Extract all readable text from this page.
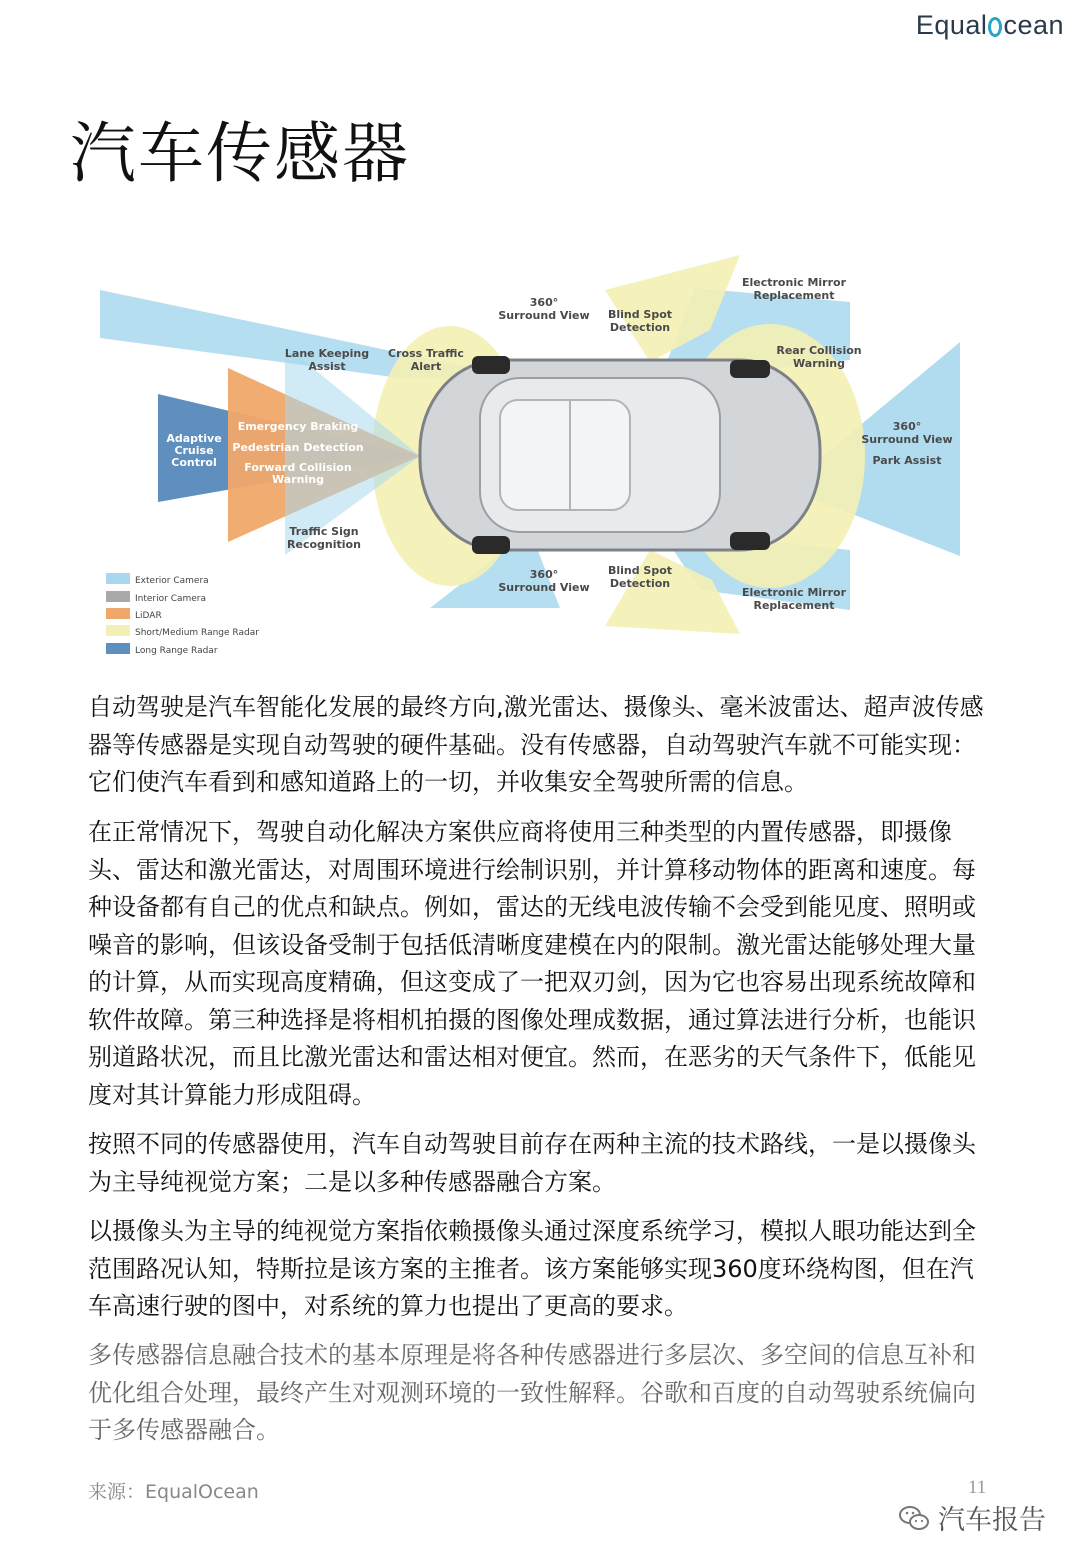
Equal cean
汽车传感器
360° Surround View Blind Spot Detection
Electronic Mirror Replacement
Lane Keeping Assist
Cross Traffic Alert
Rear Collision Warning
360° Surround View
Park Assist
Traffic Sign Recognition
360° Surround View
Blind Spot Detection
Electronic Mirror Replacement
Adaptive Cruise Control
Emergency Braking
Pedestrian Detection
Forward Collision Warning
Exterior Camera
Interior Camera
LiDAR
Short/Medium Range Radar
Long Range Radar

自动驾驶是汽车智能化发展的最终方向,激光雷达、摄像头、毫米波雷达、超声波传感器等传感器是实现自动驾驶的硬件基础。没有传感器，自动驾驶汽车就不可能实现：它们使汽车看到和感知道路上的一切，并收集安全驾驶所需的信息。

在正常情况下，驾驶自动化解决方案供应商将使用三种类型的内置传感器，即摄像头、雷达和激光雷达，对周围环境进行绘制识别，并计算移动物体的距离和速度。每种设备都有自己的优点和缺点。例如，雷达的无线电波传输不会受到能见度、照明或噪音的影响，但该设备受制于包括低清晰度建模在内的限制。激光雷达能够处理大量的计算，从而实现高度精确，但这变成了一把双刃剑，因为它也容易出现系统故障和软件故障。第三种选择是将相机拍摄的图像处理成数据，通过算法进行分析，也能识别道路状况，而且比激光雷达和雷达相对便宜。然而，在恶劣的天气条件下，低能见度对其计算能力形成阻碍。

按照不同的传感器使用，汽车自动驾驶目前存在两种主流的技术路线，一是以摄像头为主导纯视觉方案；二是以多种传感器融合方案。

以摄像头为主导的纯视觉方案指依赖摄像头通过深度系统学习，模拟人眼功能达到全范围路况认知，特斯拉是该方案的主推者。该方案能够实现360度环绕构图，但在汽车高速行驶的图中，对系统的算力也提出了更高的要求。

多传感器信息融合技术的基本原理是将各种传感器进行多层次、多空间的信息互补和优化组合处理，最终产生对观测环境的一致性解释。谷歌和百度的自动驾驶系统偏向于多传感器融合。

来源：EqualOcean	11
汽车报告
